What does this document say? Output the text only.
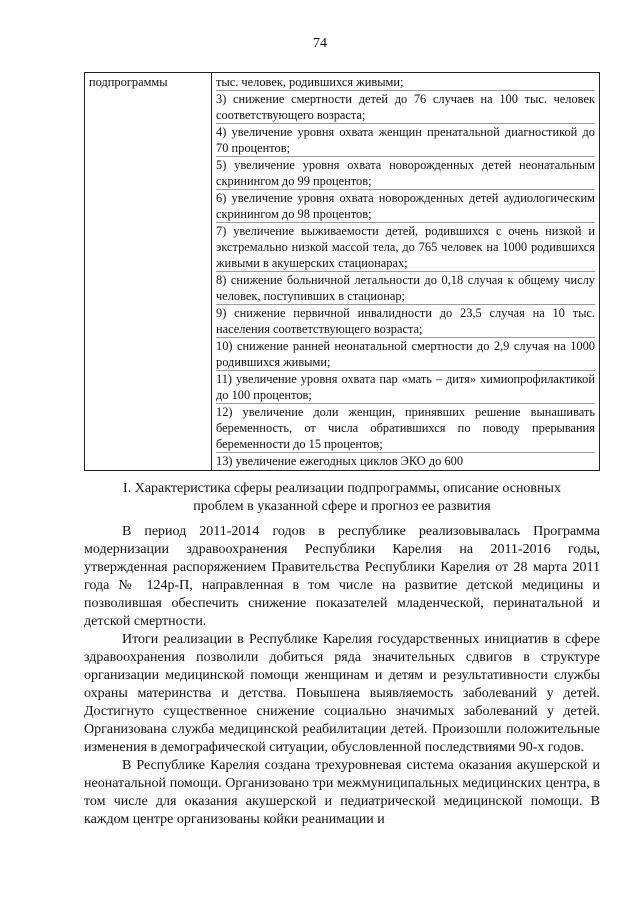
74
подпрограммы	тыс. человек, родившихся живыми;
3) снижение смертности детей до 76 случаев на 100 тыс. человек соответствующего возраста;
4) увеличение уровня охвата женщин пренатальной диагностикой до 70 процентов;
5) увеличение уровня охвата новорожденных детей неонатальным скринингом до 99 процентов;
6) увеличение уровня охвата новорожденных детей аудиологическим скринингом до 98 процентов;
7) увеличение выживаемости детей, родившихся с очень низкой и экстремально низкой массой тела, до 765 человек на 1000 родившихся живыми в акушерских стационарах;
8) снижение больничной летальности до 0,18 случая к общему числу человек, поступивших в стационар;
9) снижение первичной инвалидности до 23,5 случая на 10 тыс. населения соответствующего возраста;
10) снижение ранней неонатальной смертности до 2,9 случая на 1000 родившихся живыми;
11) увеличение уровня охвата пар «мать – дитя» химиопрофилактикой до 100 процентов;
12) увеличение доли женщин, принявших решение вынашивать беременность, от числа обратившихся по поводу прерывания беременности до 15 процентов;
13) увеличение ежегодных циклов ЭКО до 600
I. Характеристика сферы реализации подпрограммы, описание основных
проблем в указанной сфере и прогноз ее развития

В период 2011-2014 годов в республике реализовывалась Программа модернизации здравоохранения Республики Карелия на 2011-2016 годы, утвержденная распоряжением Правительства Республики Карелия от 28 марта 2011 года № 124р-П, направленная в том числе на развитие детской медицины и позволившая обеспечить снижение показателей младенческой, перинатальной и детской смертности.

Итоги реализации в Республике Карелия государственных инициатив в сфере здравоохранения позволили добиться ряда значительных сдвигов в структуре организации медицинской помощи женщинам и детям и результативности службы охраны материнства и детства. Повышена выявляемость заболеваний у детей. Достигнуто существенное снижение социально значимых заболеваний у детей. Организована служба медицинской реабилитации детей. Произошли положительные изменения в демографической ситуации, обусловленной последствиями 90-х годов.

В Республике Карелия создана трехуровневая система оказания акушерской и неонатальной помощи. Организовано три межмуниципальных медицинских центра, в том числе для оказания акушерской и педиатрической медицинской помощи. В каждом центре организованы койки реанимации и
